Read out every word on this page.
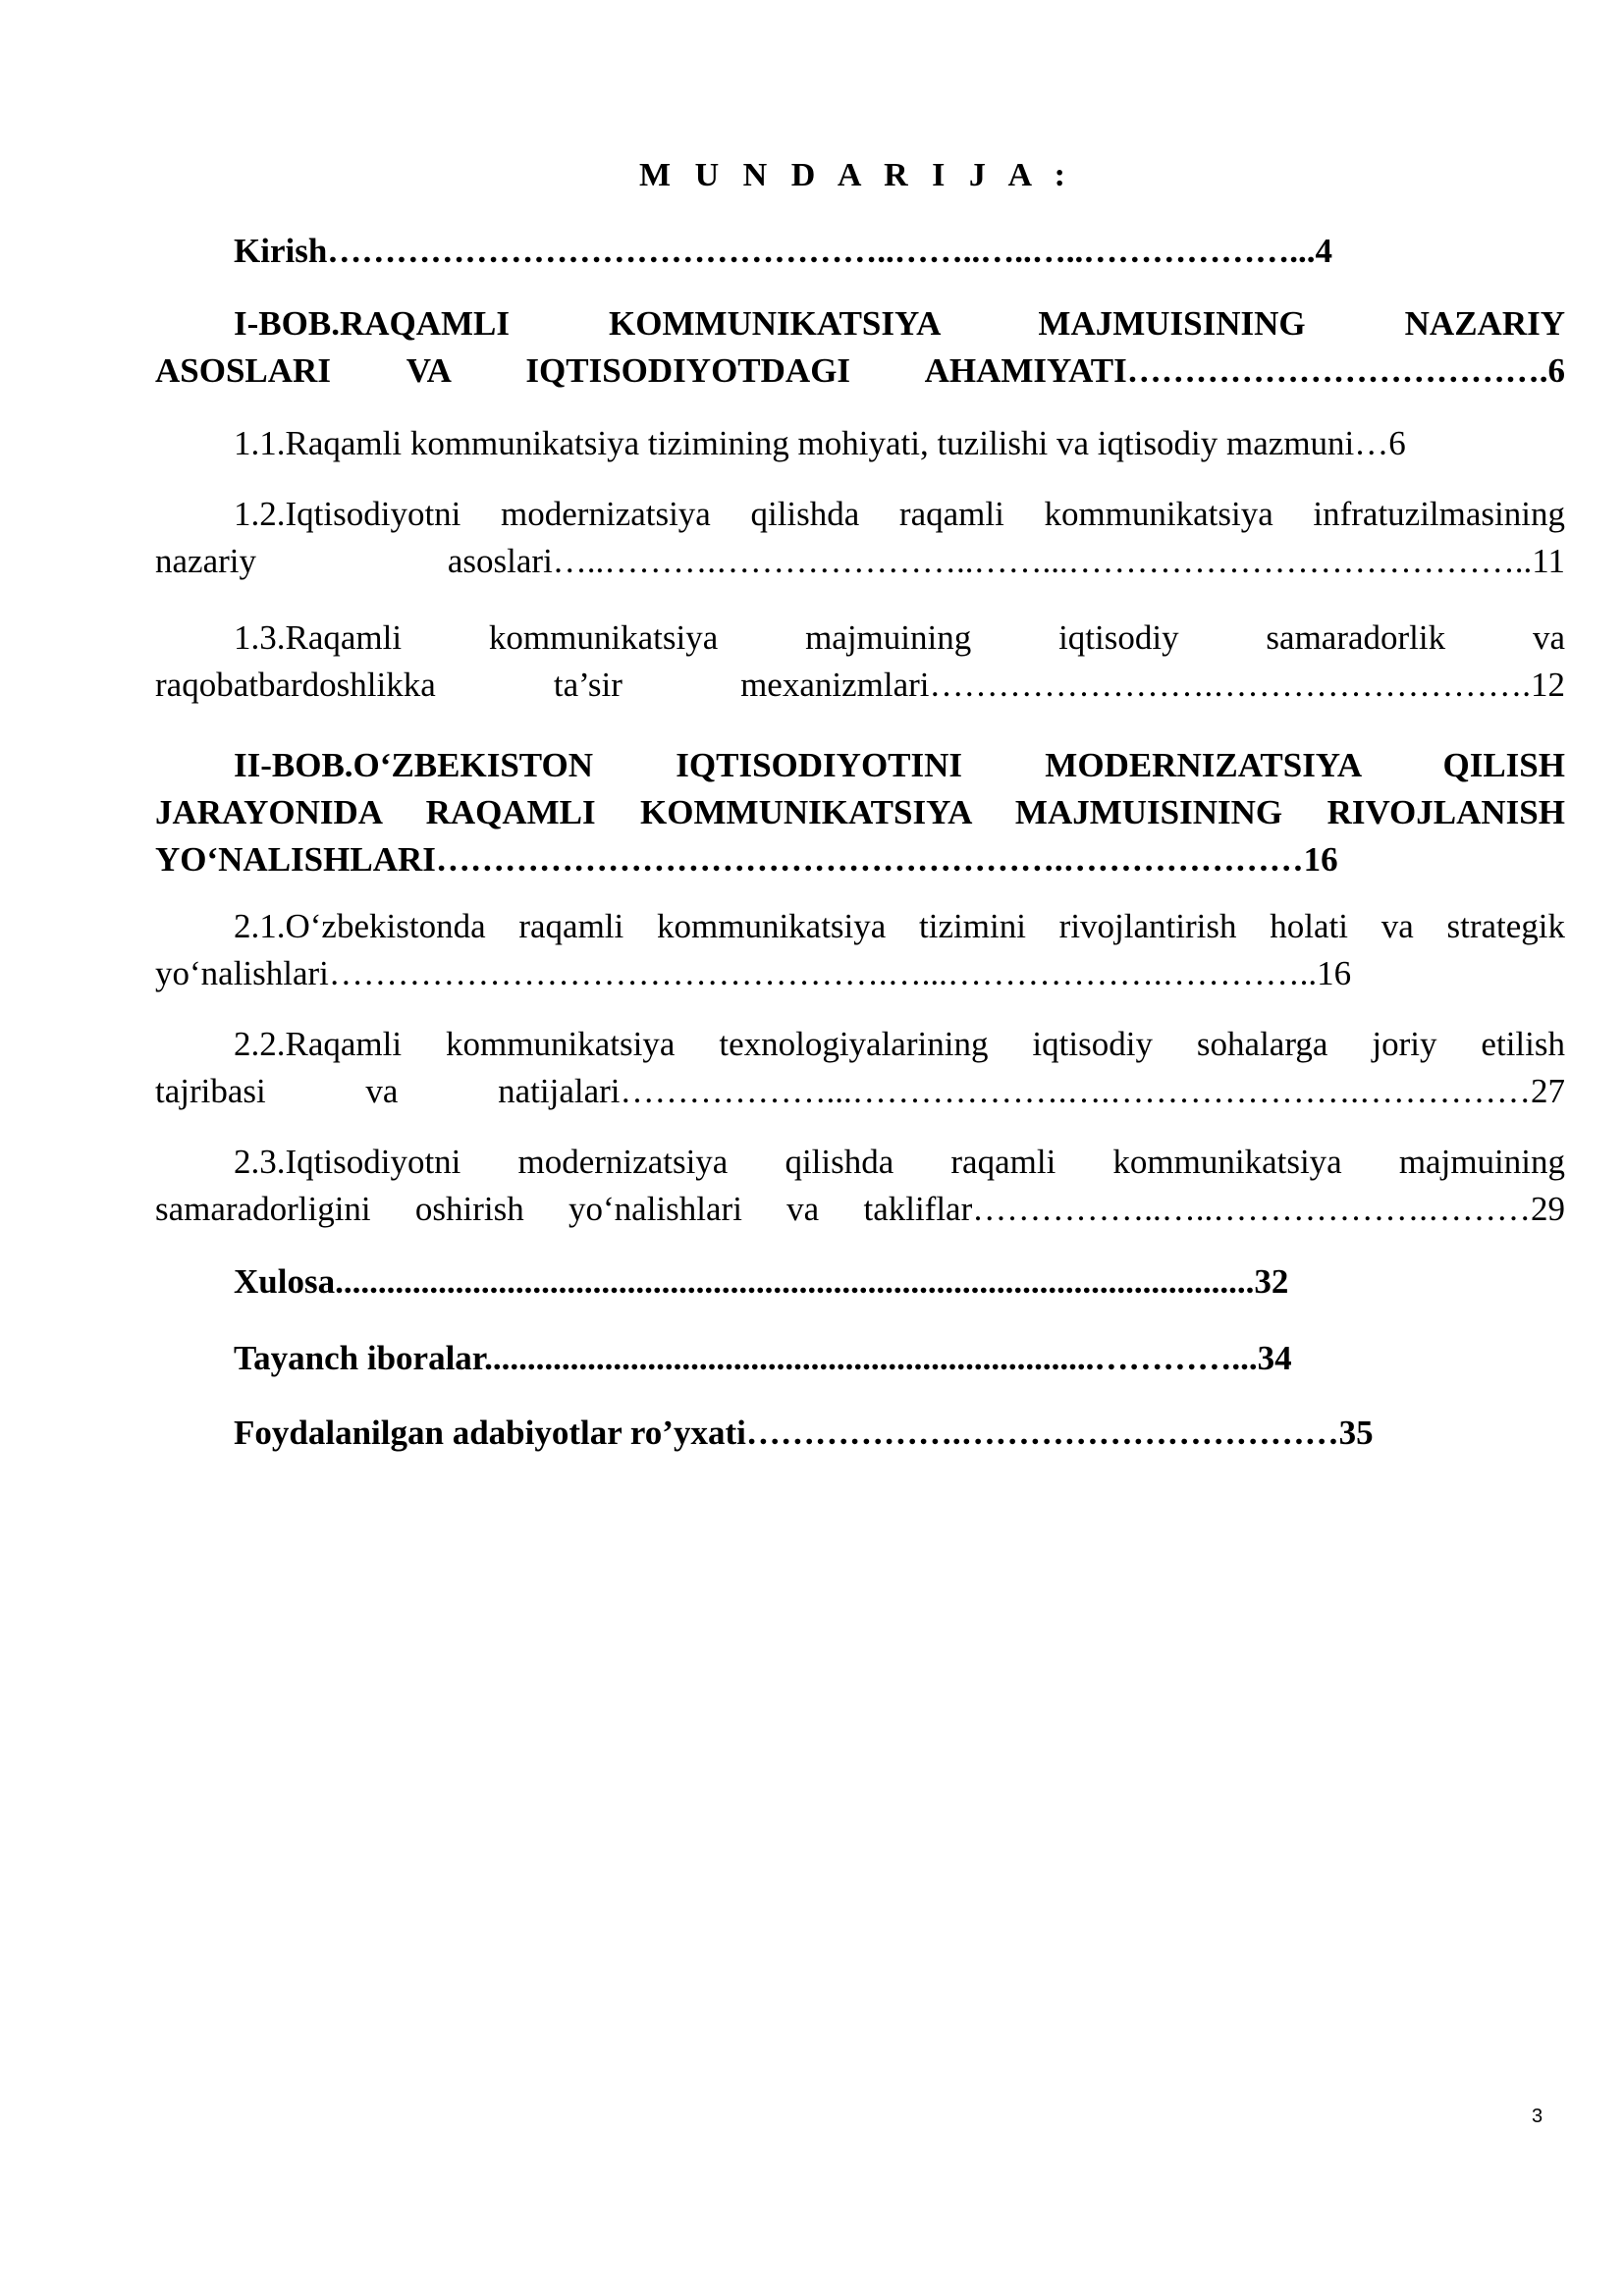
M U N D A R I J A :
Kirish…………………………………………..……..…..…..………………...4
I-BOB.RAQAMLI KOMMUNIKATSIYA MAJMUISINING NAZARIY
ASOSLARI VA IQTISODIYOTDAGI AHAMIYATI……………………………….6
1.1.Raqamli kommunikatsiya tizimining mohiyati, tuzilishi va iqtisodiy mazmuni…6
1.2.Iqtisodiyotni modernizatsiya qilishda raqamli kommunikatsiya infratuzilmasining
nazariy asoslari…..……….…………………..……...…………………………………..11
1.3.Raqamli kommunikatsiya majmuining iqtisodiy samaradorlik va
raqobatbardoshlikka ta’sir mexanizmlari…………………….……………………….12
II-BOB.O‘ZBEKISTON IQTISODIYOTINI MODERNIZATSIYA QILISH
JARAYONIDA RAQAMLI KOMMUNIKATSIYA MAJMUISINING RIVOJLANISH
YO‘NALISHLARI……………………………………………….…………………16
2.1.O‘zbekistonda raqamli kommunikatsiya tizimini rivojlantirish holati va strategik
yo‘nalishlari………………………………………….…...……………….…………..16
2.2.Raqamli kommunikatsiya texnologiyalarining iqtisodiy sohalarga joriy etilish
tajribasi va natijalari………………...……………….….………………….……………27
2.3.Iqtisodiyotni modernizatsiya qilishda raqamli kommunikatsiya majmuining
samaradorligini oshirish yo‘nalishlari va takliflar……………..…..……………….………29
Xulosa...........................................................................................................32
Tayanch iboralar.......................................................................…………...34
Foydalanilgan adabiyotlar ro’yxati……………….……………………………35
3
